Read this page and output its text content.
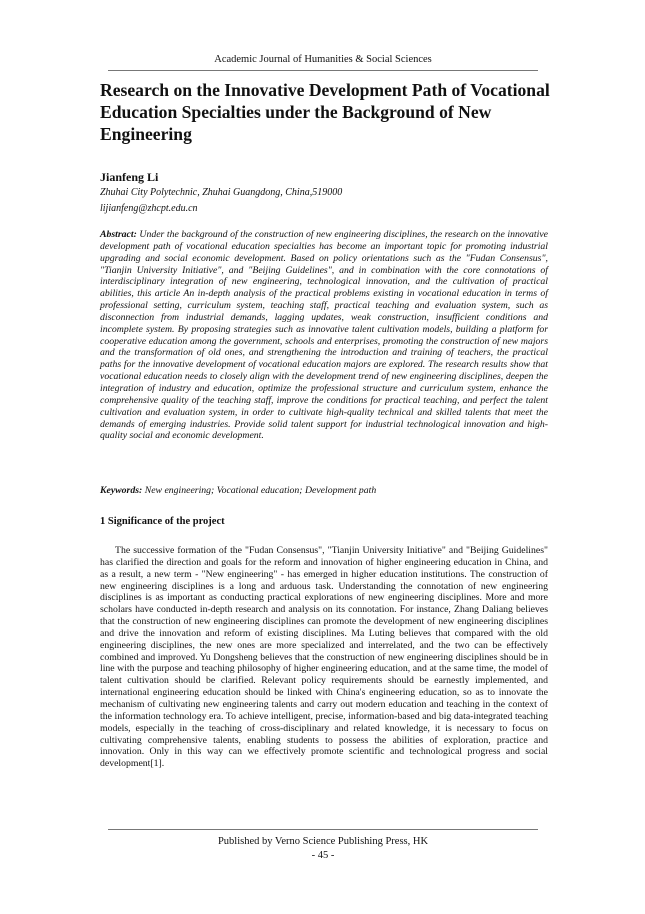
Academic Journal of Humanities & Social Sciences
Research on the Innovative Development Path of Vocational Education Specialties under the Background of New Engineering
Jianfeng Li
Zhuhai City Polytechnic, Zhuhai Guangdong, China,519000
lijianfeng@zhcpt.edu.cn

Abstract: Under the background of the construction of new engineering disciplines, the research on the innovative development path of vocational education specialties has become an important topic for promoting industrial upgrading and social economic development. Based on policy orientations such as the "Fudan Consensus", "Tianjin University Initiative", and "Beijing Guidelines", and in combination with the core connotations of interdisciplinary integration of new engineering, technological innovation, and the cultivation of practical abilities, this article An in-depth analysis of the practical problems existing in vocational education in terms of professional setting, curriculum system, teaching staff, practical teaching and evaluation system, such as disconnection from industrial demands, lagging updates, weak construction, insufficient conditions and incomplete system. By proposing strategies such as innovative talent cultivation models, building a platform for cooperative education among the government, schools and enterprises, promoting the construction of new majors and the transformation of old ones, and strengthening the introduction and training of teachers, the practical paths for the innovative development of vocational education majors are explored. The research results show that vocational education needs to closely align with the development trend of new engineering disciplines, deepen the integration of industry and education, optimize the professional structure and curriculum system, enhance the comprehensive quality of the teaching staff, improve the conditions for practical teaching, and perfect the talent cultivation and evaluation system, in order to cultivate high-quality technical and skilled talents that meet the demands of emerging industries. Provide solid talent support for industrial technological innovation and high-quality social and economic development.

Keywords: New engineering; Vocational education; Development path

1 Significance of the project

The successive formation of the "Fudan Consensus", "Tianjin University Initiative" and "Beijing Guidelines" has clarified the direction and goals for the reform and innovation of higher engineering education in China, and as a result, a new term - "New engineering" - has emerged in higher education institutions. The construction of new engineering disciplines is a long and arduous task. Understanding the connotation of new engineering disciplines is as important as conducting practical explorations of new engineering disciplines. More and more scholars have conducted in-depth research and analysis on its connotation. For instance, Zhang Daliang believes that the construction of new engineering disciplines can promote the development of new engineering disciplines and drive the innovation and reform of existing disciplines. Ma Luting believes that compared with the old engineering disciplines, the new ones are more specialized and interrelated, and the two can be effectively combined and improved. Yu Dongsheng believes that the construction of new engineering disciplines should be in line with the purpose and teaching philosophy of higher engineering education, and at the same time, the model of talent cultivation should be clarified. Relevant policy requirements should be earnestly implemented, and international engineering education should be linked with China's engineering education, so as to innovate the mechanism of cultivating new engineering talents and carry out modern education and teaching in the context of the information technology era. To achieve intelligent, precise, information-based and big data-integrated teaching models, especially in the teaching of cross-disciplinary and related knowledge, it is necessary to focus on cultivating comprehensive talents, enabling students to possess the abilities of exploration, practice and innovation. Only in this way can we effectively promote scientific and technological progress and social development[1].

Published by Verno Science Publishing Press, HK
- 45 -
